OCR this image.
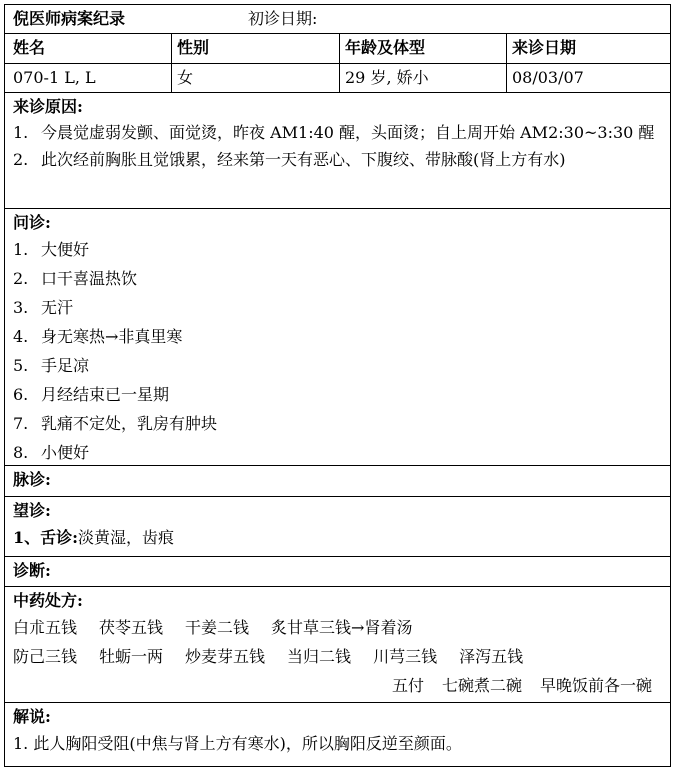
倪医师病案纪录	初诊日期:
姓名	性别	年龄及体型	来诊日期
070-1 L, L	女	29 岁, 娇小	08/03/07
来诊原因:
1. 今晨觉虚弱发颤、面觉烫，昨夜 AM1:40 醒，头面烫；自上周开始 AM2:30~3:30 醒
2. 此次经前胸胀且觉饿累，经来第一天有恶心、下腹绞、带脉酸(肾上方有水)
问诊:
1. 大便好
2. 口干喜温热饮
3. 无汗
4. 身无寒热→非真里寒
5. 手足凉
6. 月经结束已一星期
7. 乳痛不定处，乳房有肿块
8. 小便好
脉诊:
望诊:
1、舌诊:淡黄湿，齿痕
诊断:
中药处方:
白朮五钱 茯苓五钱 干姜二钱 炙甘草三钱→肾着汤
防己三钱 牡蛎一两 炒麦芽五钱 当归二钱 川芎三钱 泽泻五钱
五付 七碗煮二碗 早晚饭前各一碗
解说:
1. 此人胸阳受阻(中焦与肾上方有寒水)，所以胸阳反逆至颜面。
